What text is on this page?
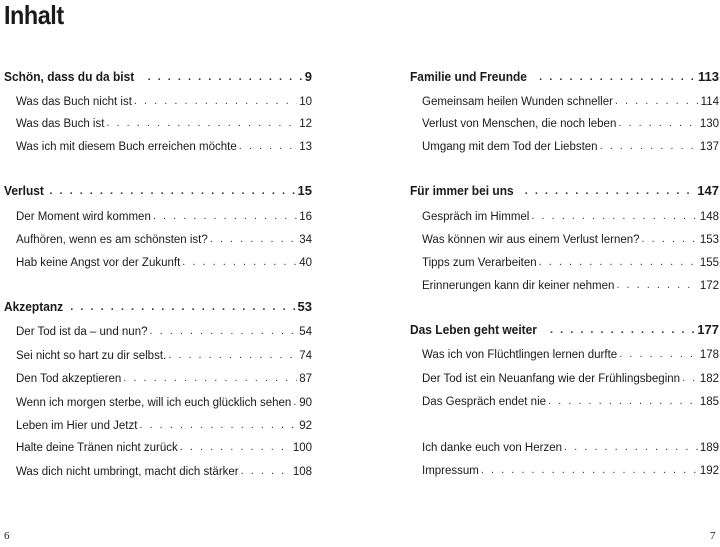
Inhalt
Schön, dass du da bist . . .	9
Was das Buch nicht ist . . .	10
Was das Buch ist . . .	12
Was ich mit diesem Buch erreichen möchte . . .	13
Verlust . . .	15
Der Moment wird kommen . . .	16
Aufhören, wenn es am schönsten ist? . . .	34
Hab keine Angst vor der Zukunft . . .	40
Akzeptanz . . .	53
Der Tod ist da – und nun? . . .	54
Sei nicht so hart zu dir selbst. . . .	74
Den Tod akzeptieren . . .	87
Wenn ich morgen sterbe, will ich euch glücklich sehen . . . 90
Leben im Hier und Jetzt . . .	92
Halte deine Tränen nicht zurück . . .	100
Was dich nicht umbringt, macht dich stärker . . .	108
Familie und Freunde . . .	113
Gemeinsam heilen Wunden schneller . . .	114
Verlust von Menschen, die noch leben . . .	130
Umgang mit dem Tod der Liebsten . . .	137
Für immer bei uns . . .	147
Gespräch im Himmel . . .	148
Was können wir aus einem Verlust lernen? . . .	153
Tipps zum Verarbeiten . . .	155
Erinnerungen kann dir keiner nehmen . . .	172
Das Leben geht weiter . . .	177
Was ich von Flüchtlingen lernen durfte . . .	178
Der Tod ist ein Neuanfang wie der Frühlingsbeginn . . . 182
Das Gespräch endet nie . . .	185
Ich danke euch von Herzen . . .	189
Impressum . . .	192
6	7
